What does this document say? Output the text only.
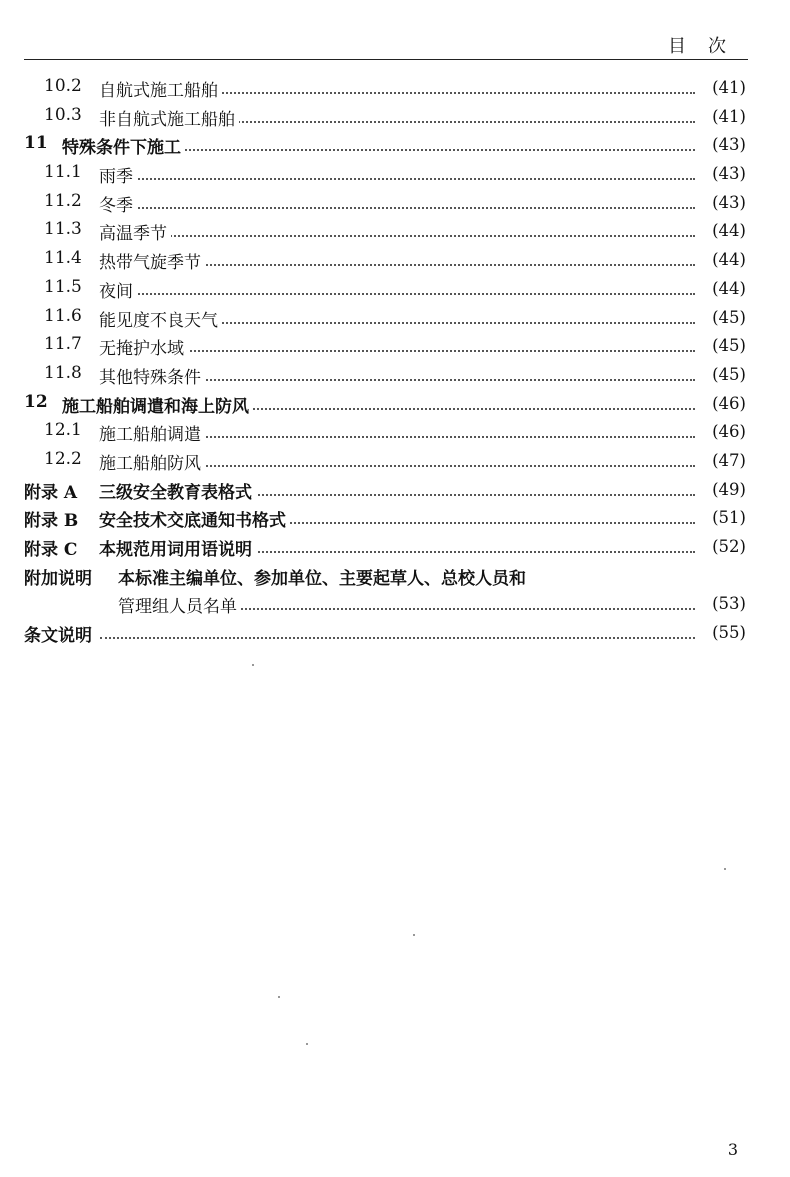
目次
10.2 自航式施工船舶	(41)
10.3 非自航式施工船舶	(41)
11 特殊条件下施工	(43)
11.1 雨季	(43)
11.2 冬季	(43)
11.3 高温季节	(44)
11.4 热带气旋季节	(44)
11.5 夜间	(44)
11.6 能见度不良天气	(45)
11.7 无掩护水域	(45)
11.8 其他特殊条件	(45)
12 施工船舶调遣和海上防风	(46)
12.1 施工船舶调遣	(46)
12.2 施工船舶防风	(47)
附录 A 三级安全教育表格式	(49)
附录 B 安全技术交底通知书格式	(51)
附录 C 本规范用词用语说明	(52)
附加说明 本标准主编单位、参加单位、主要起草人、总校人员和
管理组人员名单	(53)
条文说明	(55)
3
